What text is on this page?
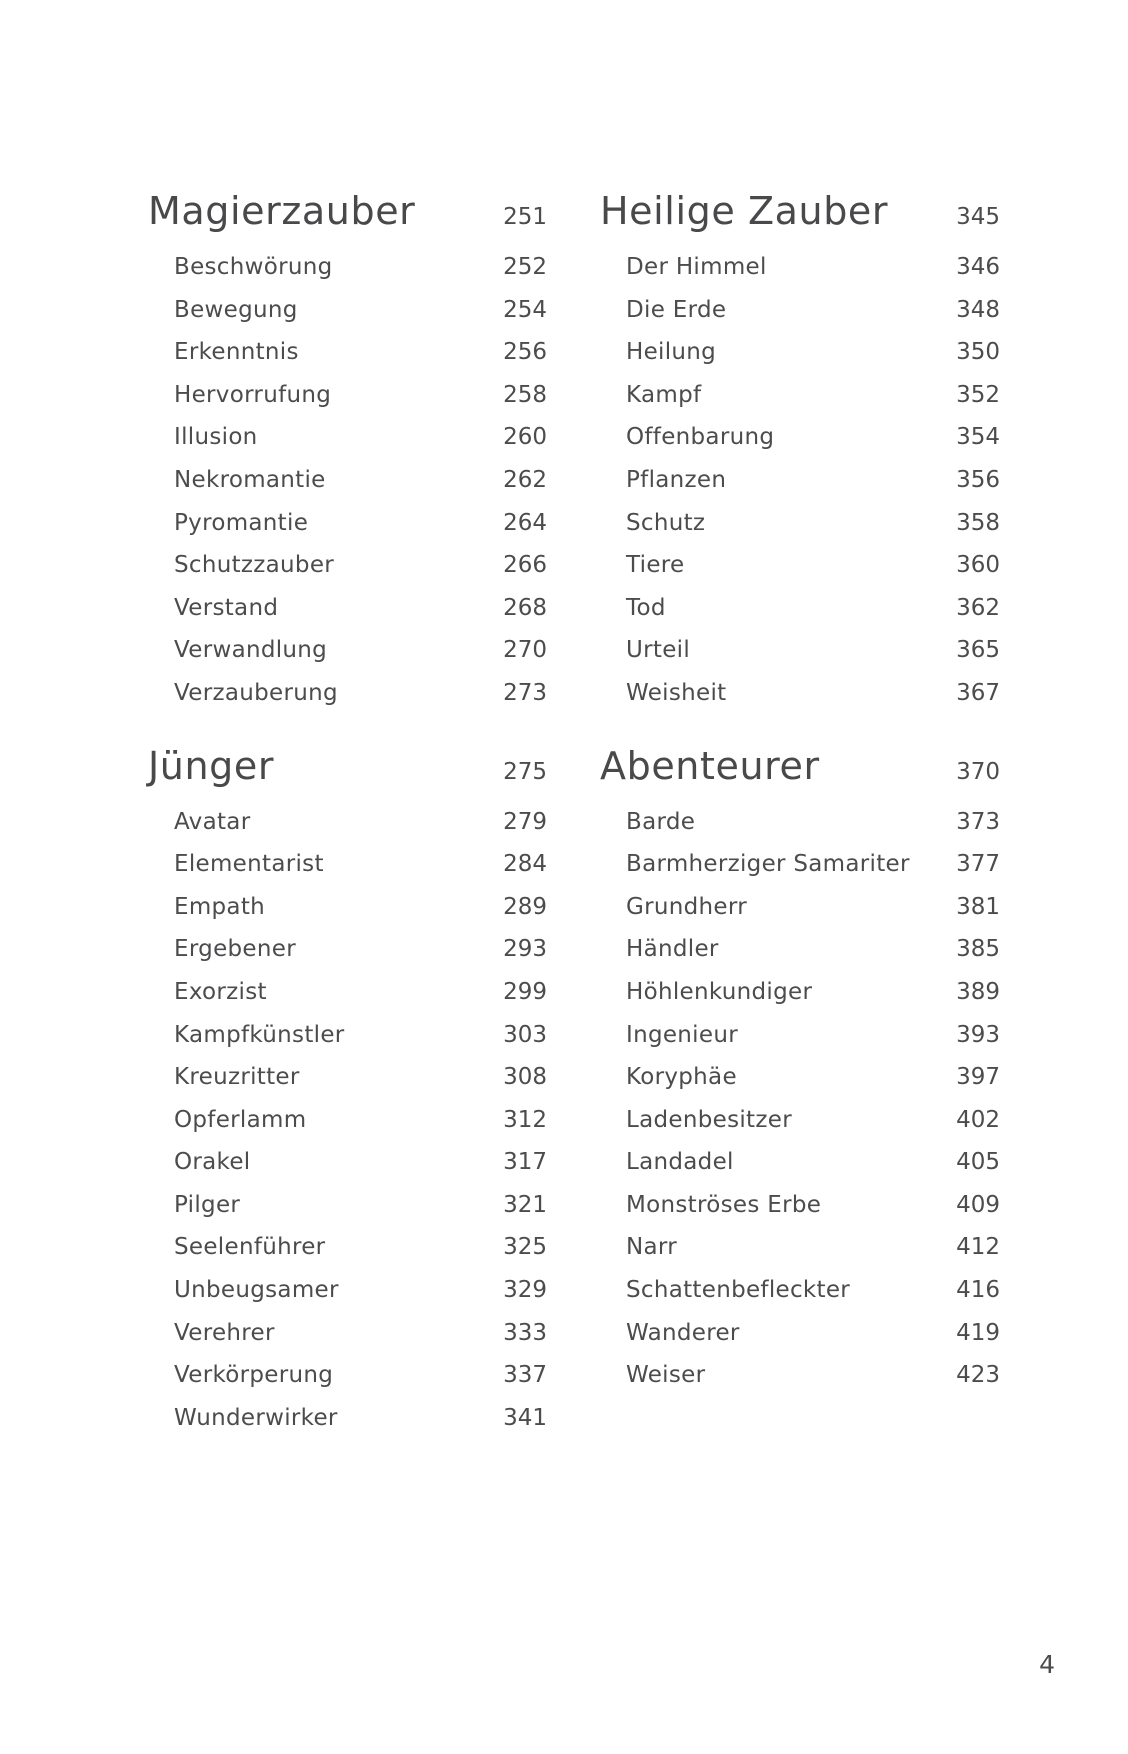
Magierzauber	251
Beschwörung	252
Bewegung	254
Erkenntnis	256
Hervorrufung	258
Illusion	260
Nekromantie	262
Pyromantie	264
Schutzzauber	266
Verstand	268
Verwandlung	270
Verzauberung	273
Jünger	275
Avatar	279
Elementarist	284
Empath	289
Ergebener	293
Exorzist	299
Kampfkünstler	303
Kreuzritter	308
Opferlamm	312
Orakel	317
Pilger	321
Seelenführer	325
Unbeugsamer	329
Verehrer	333
Verkörperung	337
Wunderwirker	341
Heilige Zauber	345
Der Himmel	346
Die Erde	348
Heilung	350
Kampf	352
Offenbarung	354
Pflanzen	356
Schutz	358
Tiere	360
Tod	362
Urteil	365
Weisheit	367
Abenteurer	370
Barde	373
Barmherziger Samariter 377
Grundherr	381
Händler	385
Höhlenkundiger	389
Ingenieur	393
Koryphäe	397
Ladenbesitzer	402
Landadel	405
Monströses Erbe	409
Narr	412
Schattenbefleckter	416
Wanderer	419
Weiser	423
4
